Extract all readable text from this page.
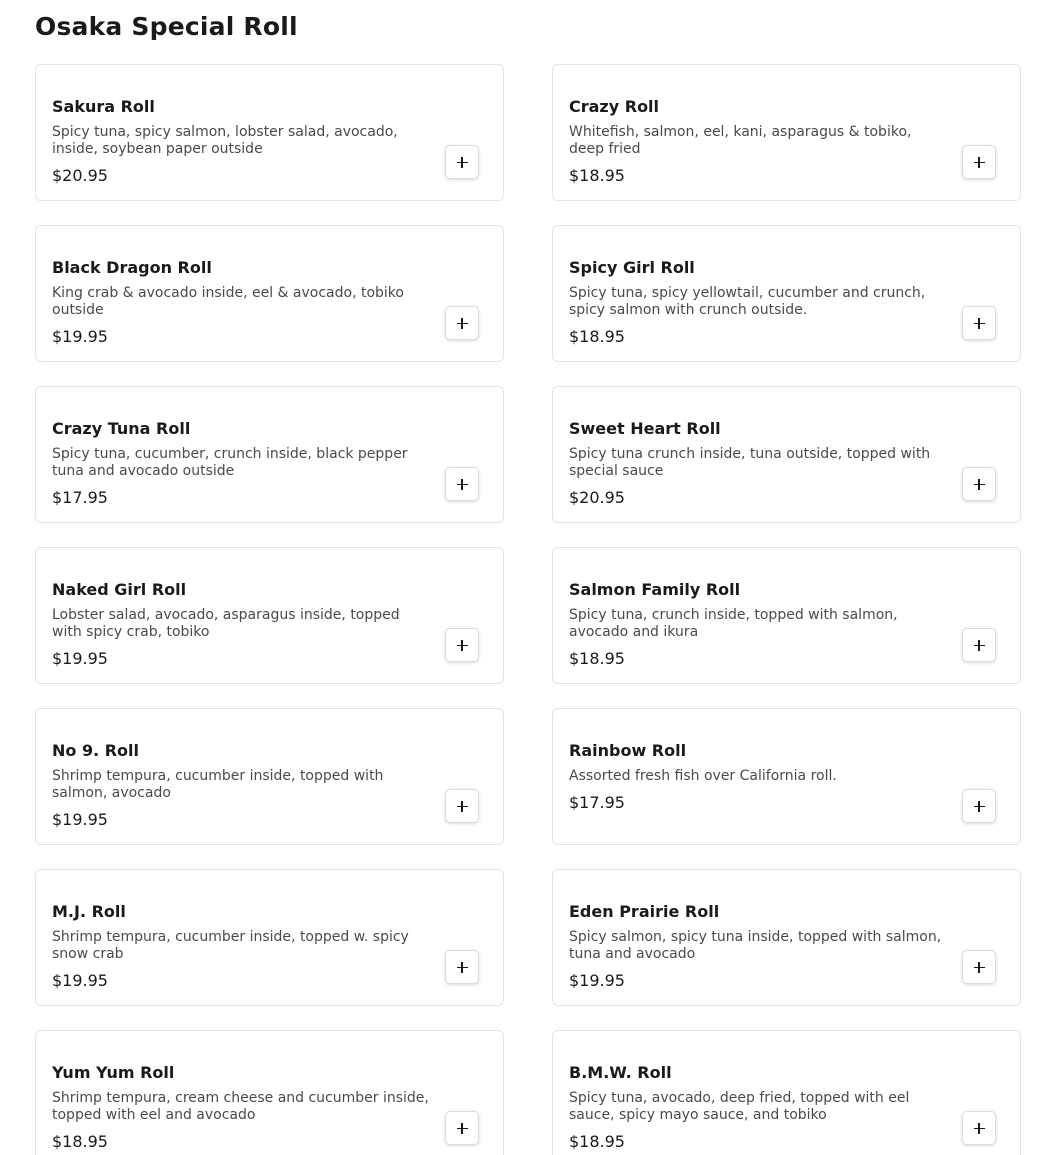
Osaka Special Roll
Sakura Roll
Spicy tuna, spicy salmon, lobster salad, avocado, inside, soybean paper outside
$20.95
Crazy Roll
Whitefish, salmon, eel, kani, asparagus & tobiko, deep fried
$18.95
Black Dragon Roll
King crab & avocado inside, eel & avocado, tobiko outside
$19.95
Spicy Girl Roll
Spicy tuna, spicy yellowtail, cucumber and crunch, spicy salmon with crunch outside.
$18.95
Crazy Tuna Roll
Spicy tuna, cucumber, crunch inside, black pepper tuna and avocado outside
$17.95
Sweet Heart Roll
Spicy tuna crunch inside, tuna outside, topped with special sauce
$20.95
Naked Girl Roll
Lobster salad, avocado, asparagus inside, topped with spicy crab, tobiko
$19.95
Salmon Family Roll
Spicy tuna, crunch inside, topped with salmon, avocado and ikura
$18.95
No 9. Roll
Shrimp tempura, cucumber inside, topped with salmon, avocado
$19.95
Rainbow Roll
Assorted fresh fish over California roll.
$17.95
M.J. Roll
Shrimp tempura, cucumber inside, topped w. spicy snow crab
$19.95
Eden Prairie Roll
Spicy salmon, spicy tuna inside, topped with salmon, tuna and avocado
$19.95
Yum Yum Roll
Shrimp tempura, cream cheese and cucumber inside, topped with eel and avocado
$18.95
B.M.W. Roll
Spicy tuna, avocado, deep fried, topped with eel sauce, spicy mayo sauce, and tobiko
$18.95
